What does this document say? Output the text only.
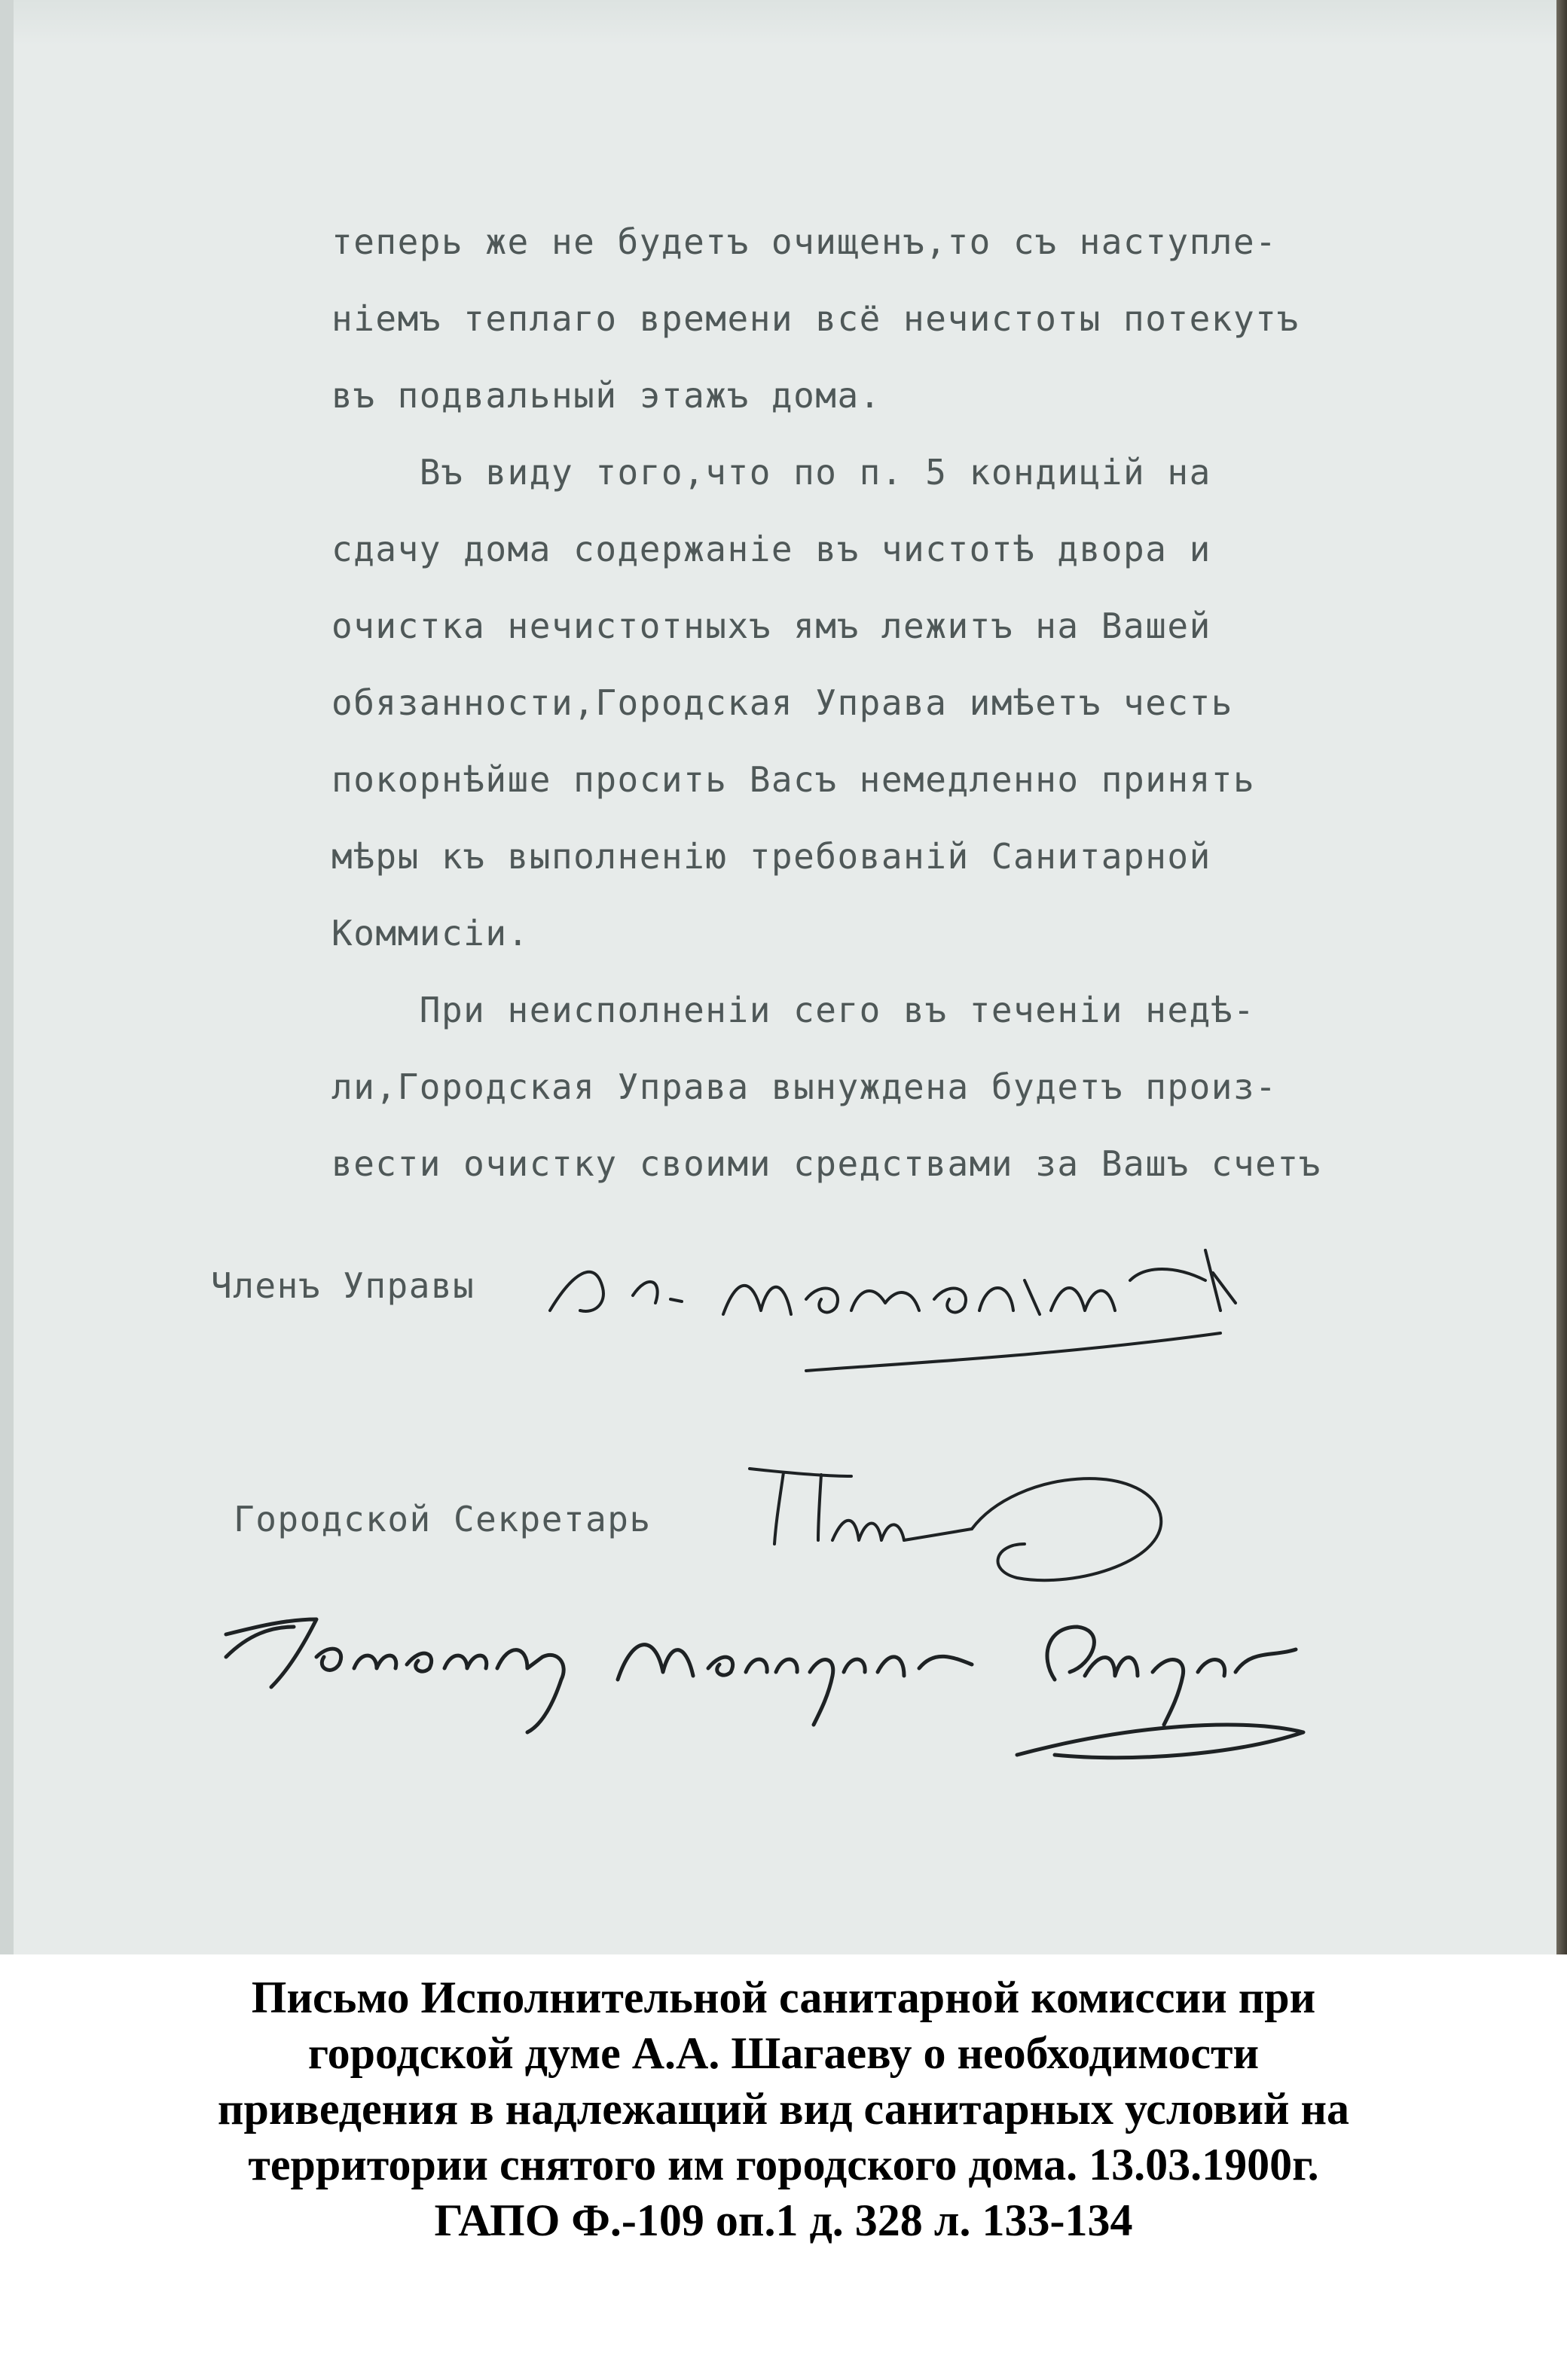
теперь же не будетъ очищенъ,то съ наступле-
ніемъ теплаго времени всё нечистоты потекутъ
въ подвальный этажъ дома.
Въ виду того,что по п. 5 кондицій на
сдачу дома содержаніе въ чистотѣ двора и
очистка нечистотныхъ ямъ лежитъ на Вашей
обязанности,Городская Управа имѣетъ честь
покорнѣйше просить Васъ немедленно принять
мѣры къ выполненію требованій Санитарной
Коммисіи.
При неисполненіи сего въ теченіи недѣ-
ли,Городская Управа вынуждена будетъ произ-
вести очистку своими средствами за Вашъ счетъ
Членъ Управы
Городской Секретарь
Письмо Исполнительной санитарной комиссии при
городской думе А.А. Шагаеву о необходимости
приведения в надлежащий вид санитарных условий на
территории снятого им городского дома. 13.03.1900г.
ГАПО Ф.-109 оп.1 д. 328 л. 133-134
